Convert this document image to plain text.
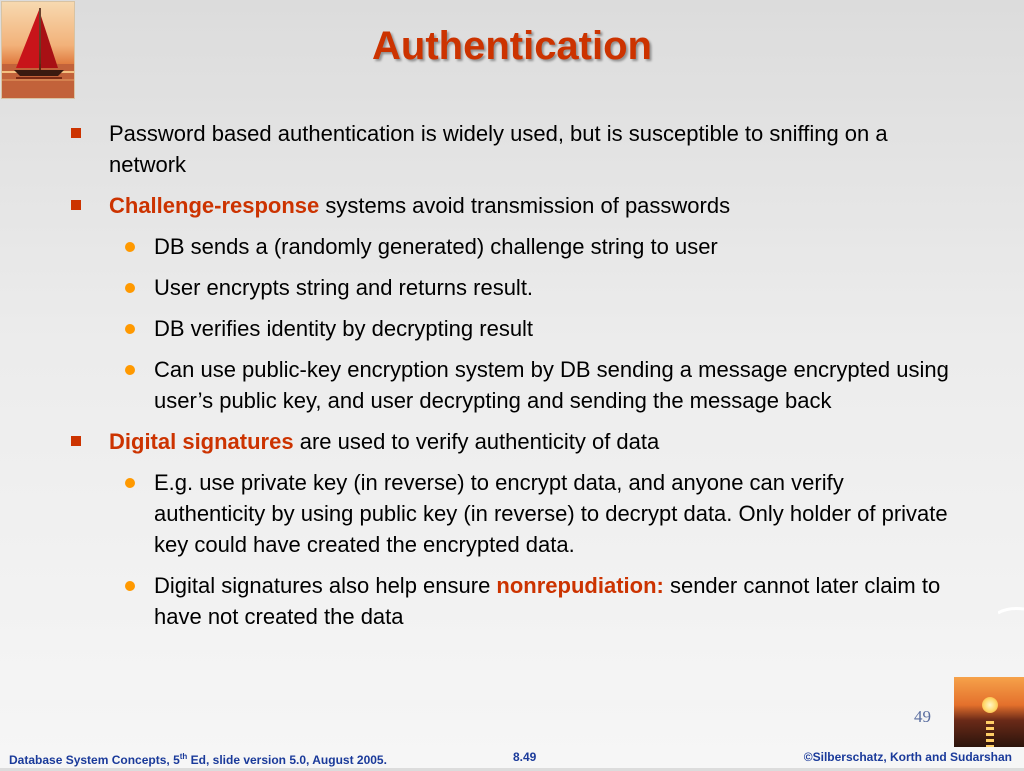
Authentication
Password based authentication is widely used, but is susceptible to sniffing on a network
Challenge-response systems avoid transmission of passwords
DB sends a (randomly generated) challenge string to user
User encrypts string and returns result.
DB verifies identity by decrypting result
Can use public-key encryption system by DB sending a message encrypted using user’s public key, and user decrypting and sending the message back
Digital signatures are used to verify authenticity of data
E.g. use private key (in reverse) to encrypt data, and anyone can verify authenticity by using public key (in reverse) to decrypt data. Only holder of private key could have created the encrypted data.
Digital signatures also help ensure nonrepudiation: sender cannot later claim to have not created the data
49
Database System Concepts, 5th Ed, slide version 5.0, August 2005.	8.49	©Silberschatz, Korth and Sudarshan
